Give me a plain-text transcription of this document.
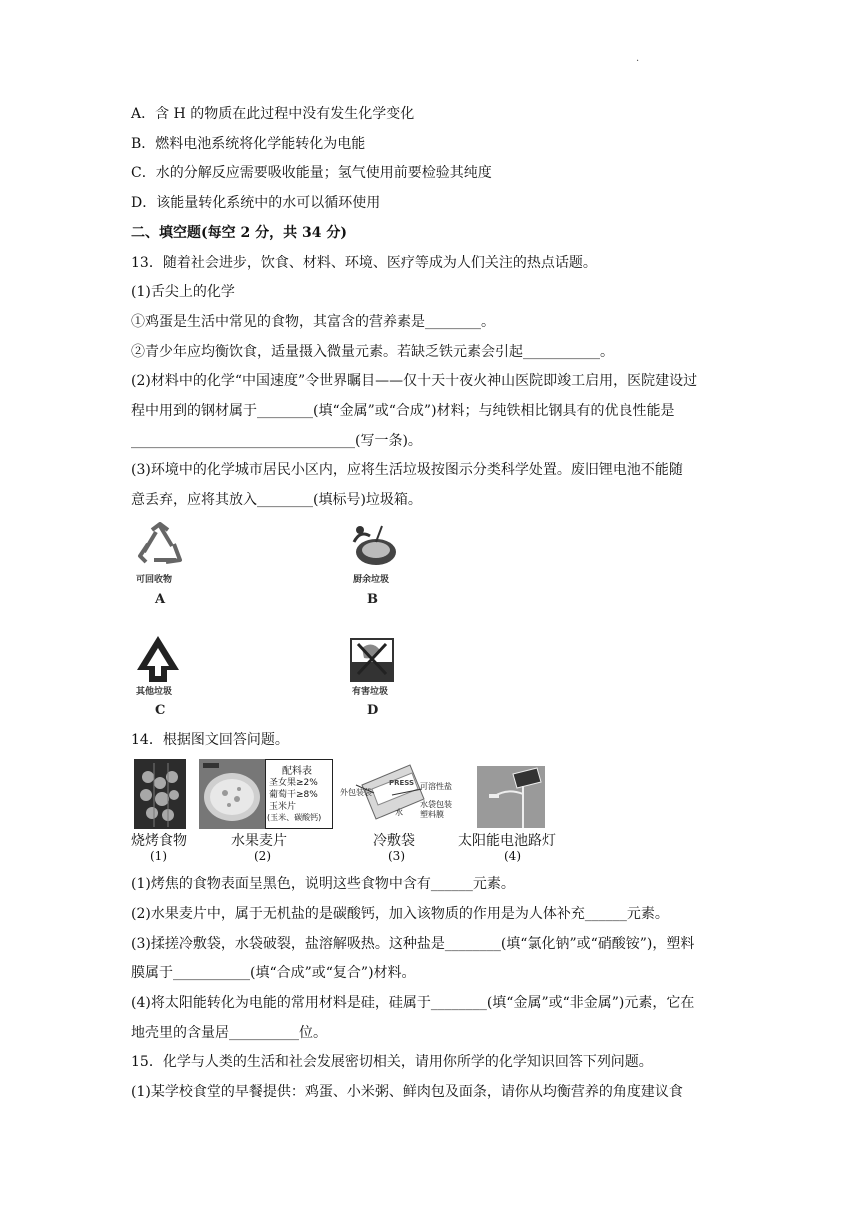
·
A．含 H 的物质在此过程中没有发生化学变化
B．燃料电池系统将化学能转化为电能
C．水的分解反应需要吸收能量；氢气使用前要检验其纯度
D．该能量转化系统中的水可以循环使用
二、填空题(每空 2 分，共 34 分)
13．随着社会进步，饮食、材料、环境、医疗等成为人们关注的热点话题。
(1)舌尖上的化学
①鸡蛋是生活中常见的食物，其富含的营养素是________。
②青少年应均衡饮食，适量摄入微量元素。若缺乏铁元素会引起___________。
(2)材料中的化学“中国速度”令世界瞩目——仅十天十夜火神山医院即竣工启用，医院建设过
程中用到的钢材属于________(填“金属”或“合成”)材料；与纯铁相比钢具有的优良性能是
________________________________(写一条)。
(3)环境中的化学城市居民小区内，应将生活垃圾按图示分类科学处置。废旧锂电池不能随
意丢弃，应将其放入________(填标号)垃圾箱。
可回收物
A
厨余垃圾
B
其他垃圾
C
有害垃圾
D
14．根据图文回答问题。
配料表
圣女果≥2%
葡萄干≥8%
玉米片
(玉米、碳酸钙)
外包装袋
PRESS 可溶性盐
水
水袋包装
塑料膜
烧烤食物
(1)
水果麦片
(2)
冷敷袋
(3)
太阳能电池路灯
(4)
(1)烤焦的食物表面呈黑色，说明这些食物中含有______元素。
(2)水果麦片中，属于无机盐的是碳酸钙，加入该物质的作用是为人体补充______元素。
(3)揉搓冷敷袋，水袋破裂，盐溶解吸热。这种盐是________(填“氯化钠”或“硝酸铵”)，塑料
膜属于___________(填“合成”或“复合”)材料。
(4)将太阳能转化为电能的常用材料是硅，硅属于________(填“金属”或“非金属”)元素，它在
地壳里的含量居__________位。
15．化学与人类的生活和社会发展密切相关，请用你所学的化学知识回答下列问题。
(1)某学校食堂的早餐提供：鸡蛋、小米粥、鲜肉包及面条，请你从均衡营养的角度建议食
